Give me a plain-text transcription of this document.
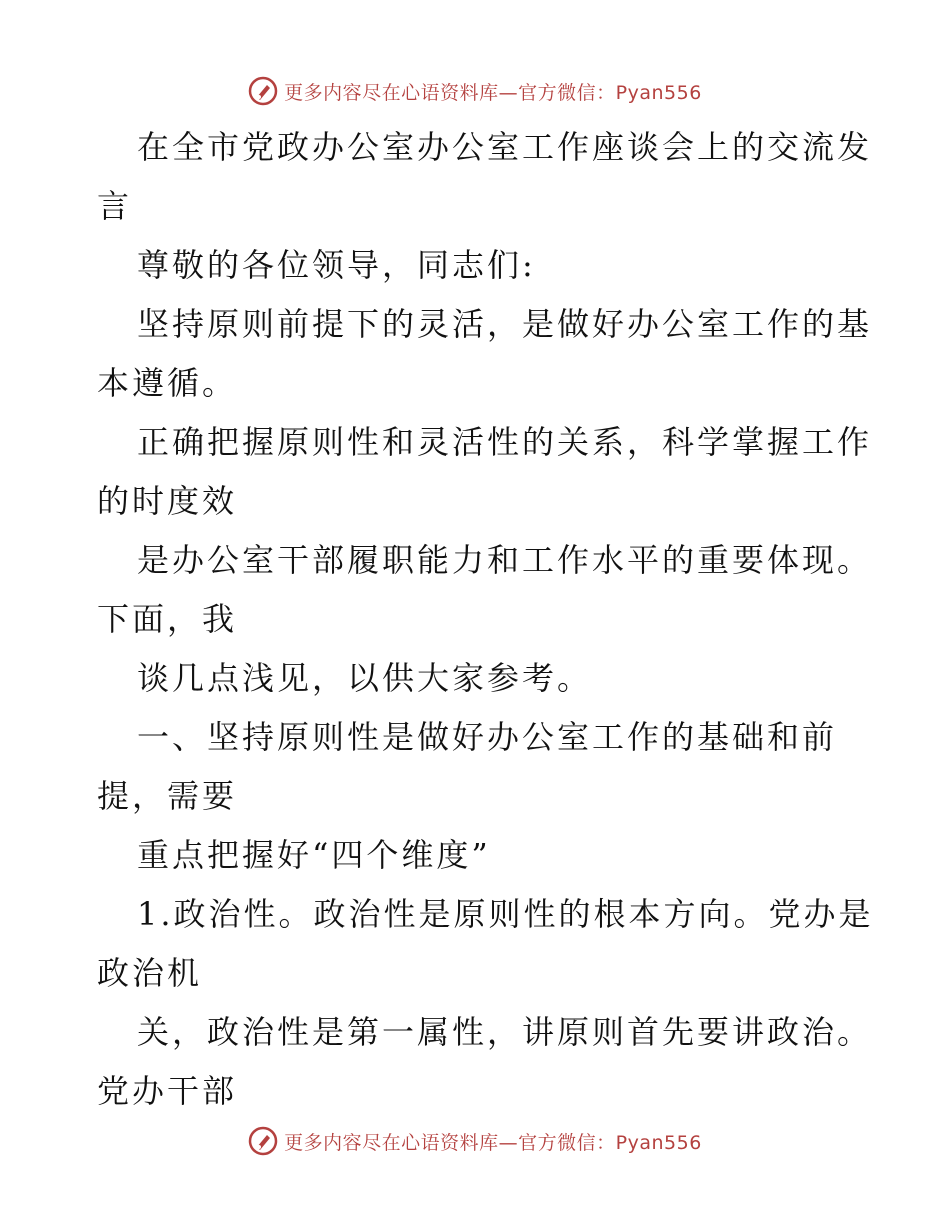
更多内容尽在心语资料库—官方微信：Pyan556
在全市党政办公室办公室工作座谈会上的交流发
言
尊敬的各位领导，同志们:
坚持原则前提下的灵活，是做好办公室工作的基
本遵循。
正确把握原则性和灵活性的关系，科学掌握工作
的时度效
是办公室干部履职能力和工作水平的重要体现。
下面，我
谈几点浅见，以供大家参考。
一、坚持原则性是做好办公室工作的基础和前
提，需要
重点把握好“四个维度”
1.政治性。政治性是原则性的根本方向。党办是
政治机
关，政治性是第一属性，讲原则首先要讲政治。
党办干部
更多内容尽在心语资料库—官方微信：Pyan556
